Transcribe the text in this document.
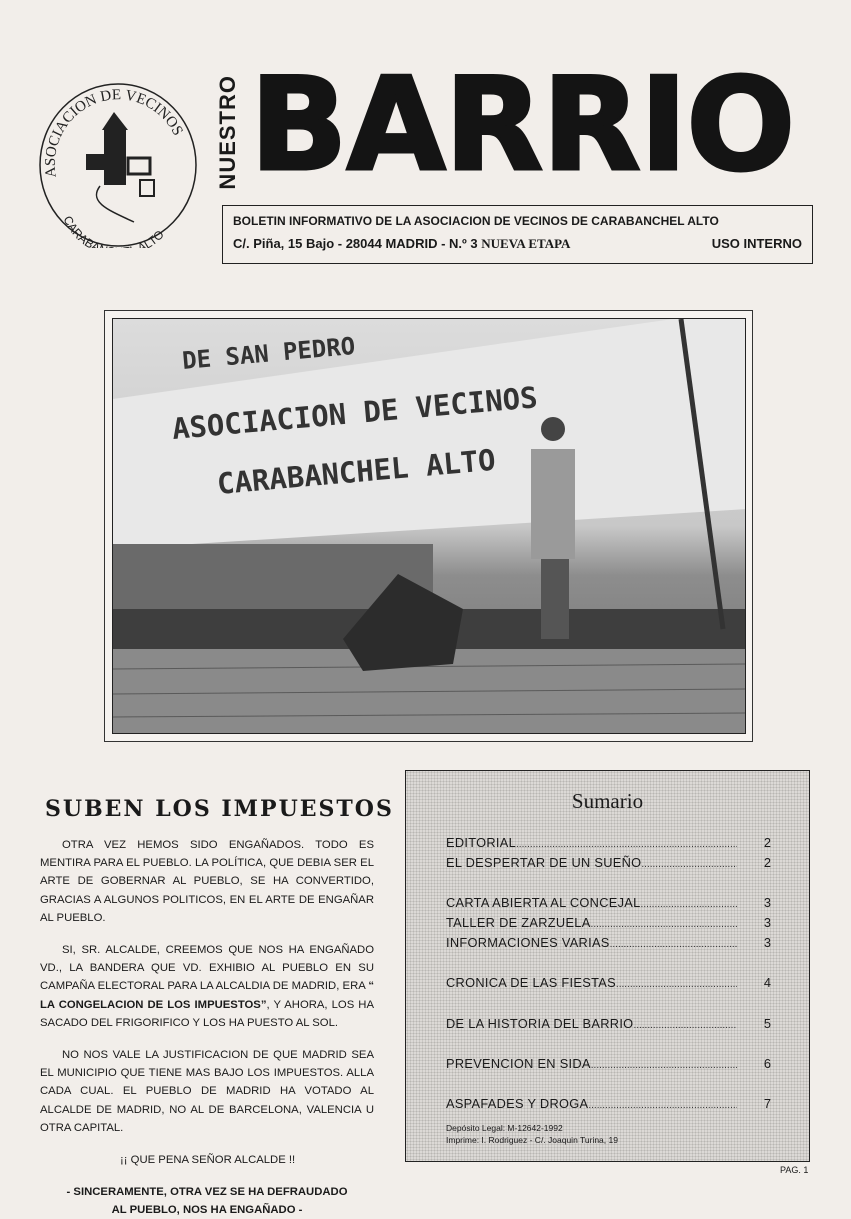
ASOCIACION DE VECINOS
CARABA ALTO
NUESTRO BARRIO
BOLETIN INFORMATIVO DE LA ASOCIACION DE VECINOS DE CARABANCHEL ALTO
C/. Piña, 15 Bajo - 28044 MADRID - N.º 3 NUEVA ETAPA	USO INTERNO
DE SAN PEDRO
ASOCIACION DE VECINOS
CARABANCHEL ALTO
SUBEN LOS IMPUESTOS

OTRA VEZ HEMOS SIDO ENGAÑADOS. TODO ES MENTIRA PARA EL PUEBLO. LA POLÍTICA, QUE DEBIA SER EL ARTE DE GOBERNAR AL PUEBLO, SE HA CONVERTIDO, GRACIAS A ALGUNOS POLITICOS, EN EL ARTE DE ENGAÑAR AL PUEBLO.

SI, SR. ALCALDE, CREEMOS QUE NOS HA ENGAÑADO VD., LA BANDERA QUE VD. EXHIBIO AL PUEBLO EN SU CAMPAÑA ELECTORAL PARA LA ALCALDIA DE MADRID, ERA “ LA CONGELACION DE LOS IMPUESTOS”, Y AHORA, LOS HA SACADO DEL FRIGORIFICO Y LOS HA PUESTO AL SOL.

NO NOS VALE LA JUSTIFICACION DE QUE MADRID SEA EL MUNICIPIO QUE TIENE MAS BAJO LOS IMPUESTOS. ALLA CADA CUAL. EL PUEBLO DE MADRID HA VOTADO AL ALCALDE DE MADRID, NO AL DE BARCELONA, VALENCIA U OTRA CAPITAL.

¡¡ QUE PENA SEÑOR ALCALDE !!

- SINCERAMENTE, OTRA VEZ SE HA DEFRAUDADO
AL PUEBLO, NOS HA ENGAÑADO -
Sumario
EDITORIAL .....	2
EL DESPERTAR DE UN SUEÑO .....	2
CARTA ABIERTA AL CONCEJAL .....	3
TALLER DE ZARZUELA .....	3
INFORMACIONES VARIAS .....	3
CRONICA DE LAS FIESTAS .....	4
DE LA HISTORIA DEL BARRIO .....	5
PREVENCION EN SIDA .....	6
ASPAFADES Y DROGA .....	7
Depósito Legal: M-12642-1992
Imprime: I. Rodriguez - C/. Joaquin Turina, 19
PAG. 1
